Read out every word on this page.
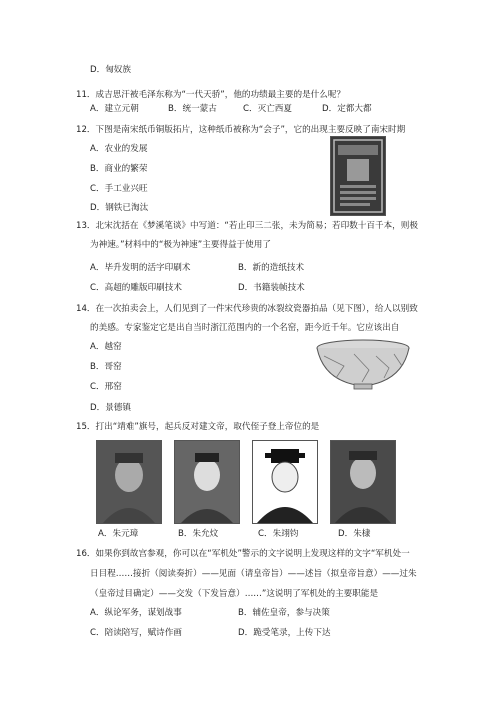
D．匈奴族
11．成吉思汗被毛泽东称为“一代天骄”，他的功绩最主要的是什么呢？
A．建立元朝	B．统一蒙古	C．灭亡西夏	D．定都大都
12．下图是南宋纸币铜版拓片，这种纸币被称为“会子”，它的出现主要反映了南宋时期
A．农业的发展
B．商业的繁荣
C．手工业兴旺
D．钢铁已淘汰
13．北宋沈括在《梦溪笔谈》中写道：“若止印三二张，未为简易；若印数十百千本，则极
为神速。”材料中的“极为神速”主要得益于使用了
A．毕升发明的活字印刷术	B．新的造纸技术
C．高超的雕版印刷技术	D．书籍装帧技术
14．在一次拍卖会上，人们见到了一件宋代珍贵的冰裂纹瓷器拍品（见下图），给人以别致
的美感。专家鉴定它是出自当时浙江范围内的一个名窑，距今近千年。它应该出自
A．越窑
B．哥窑
C．邢窑
D．景德镇
15．打出“靖难”旗号，起兵反对建文帝，取代侄子登上帝位的是
A．朱元璋	B．朱允炆	C．朱翊钧	D．朱棣
16．如果你到故宫参观，你可以在“军机处”警示的文字说明上发现这样的文字“军机处一
日目程……接折（阅读奏折）——见面（请皇帝旨）——述旨（拟皇帝旨意）——过朱
（皇帝过目确定）——交发（下发旨意）……”这说明了军机处的主要职能是
A．纵论军务，谋划战事	B．辅佐皇帝，参与决策
C．陪读陪写，赋诗作画	D．跪受笔录，上传下达
